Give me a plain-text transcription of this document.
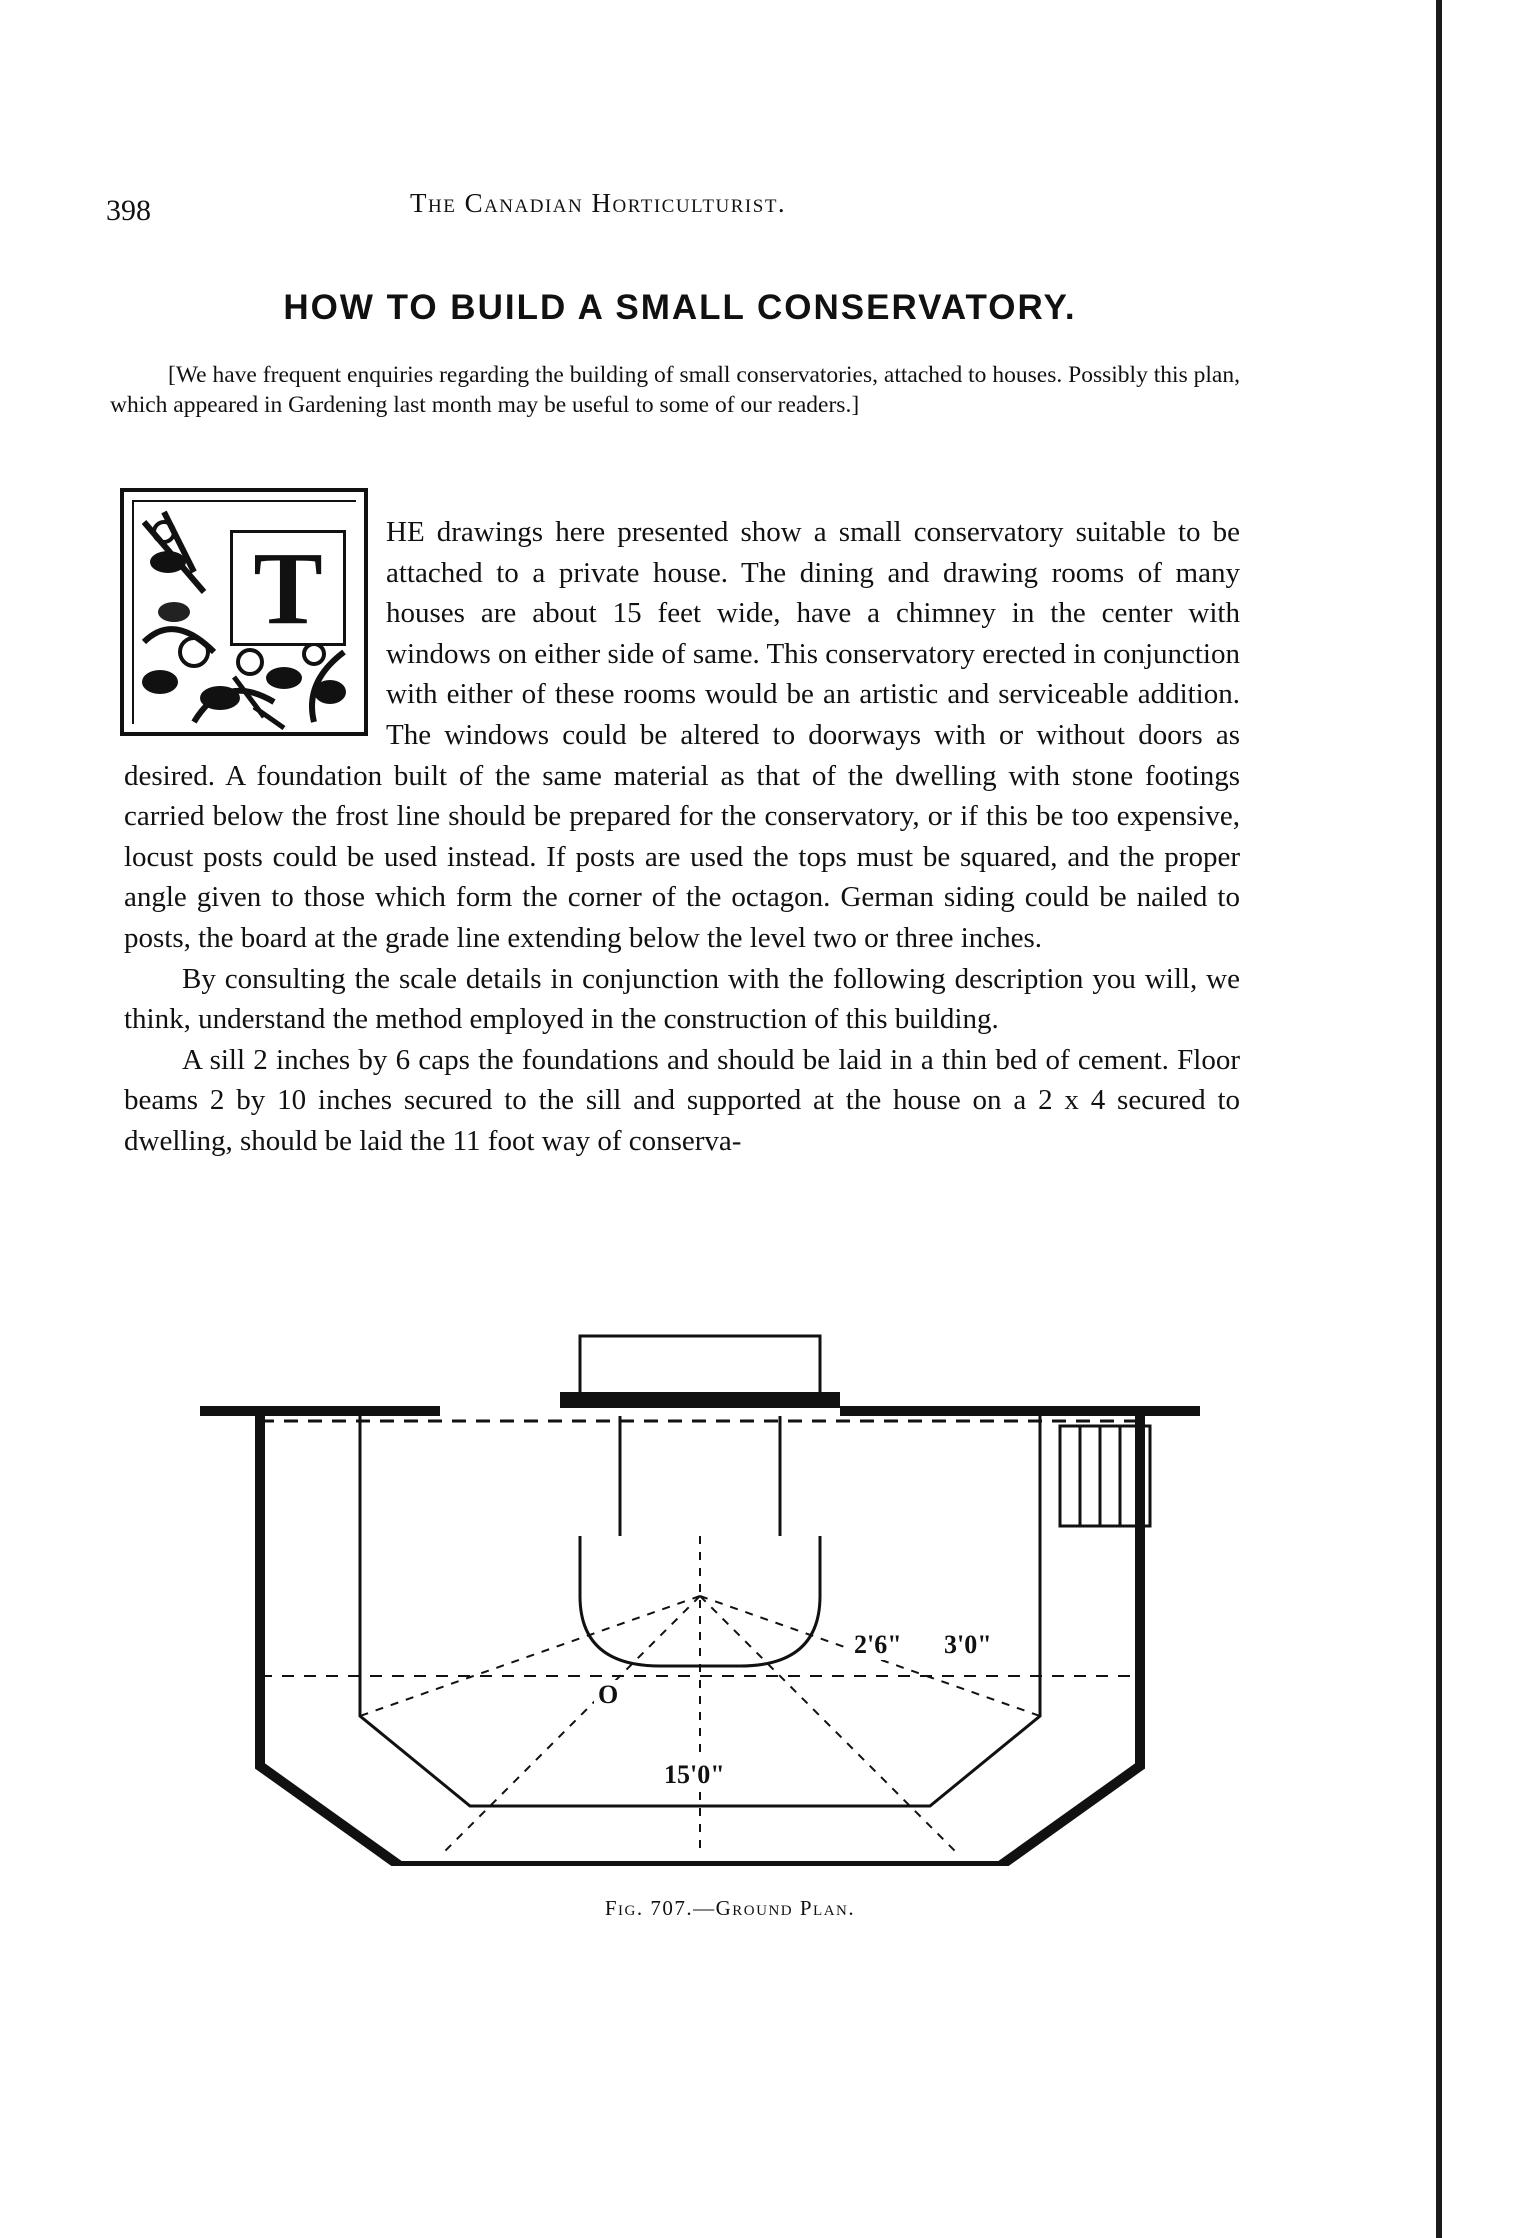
398	The Canadian Horticulturist.
HOW TO BUILD A SMALL CONSERVATORY.
[We have frequent enquiries regarding the building of small conservatories, attached to houses. Possibly this plan, which appeared in Gardening last month may be useful to some of our readers.]
T	HE drawings here presented show a small conservatory suitable to be attached to a private house. The dining and drawing rooms of many houses are about 15 feet wide, have a chimney in the center with windows on either side of same. This conservatory erected in conjunction with either of these rooms would be an artistic and serviceable addition. The windows could be altered to doorways with or without doors as desired. A foundation built of the same material as that of the dwelling with stone footings carried below the frost line should be prepared for the conservatory, or if this be too expensive, locust posts could be used instead. If posts are used the tops must be squared, and the proper angle given to those which form the corner of the octagon. German siding could be nailed to posts, the board at the grade line extending below the level two or three inches.

By consulting the scale details in conjunction with the following description you will, we think, understand the method employed in the construction of this building.

A sill 2 inches by 6 caps the foundations and should be laid in a thin bed of cement. Floor beams 2 by 10 inches secured to the sill and supported at the house on a 2 x 4 secured to dwelling, should be laid the 11 foot way of conserva-

Fig. 707.—Ground Plan.
2'6" 3'0"
O
15'0"
